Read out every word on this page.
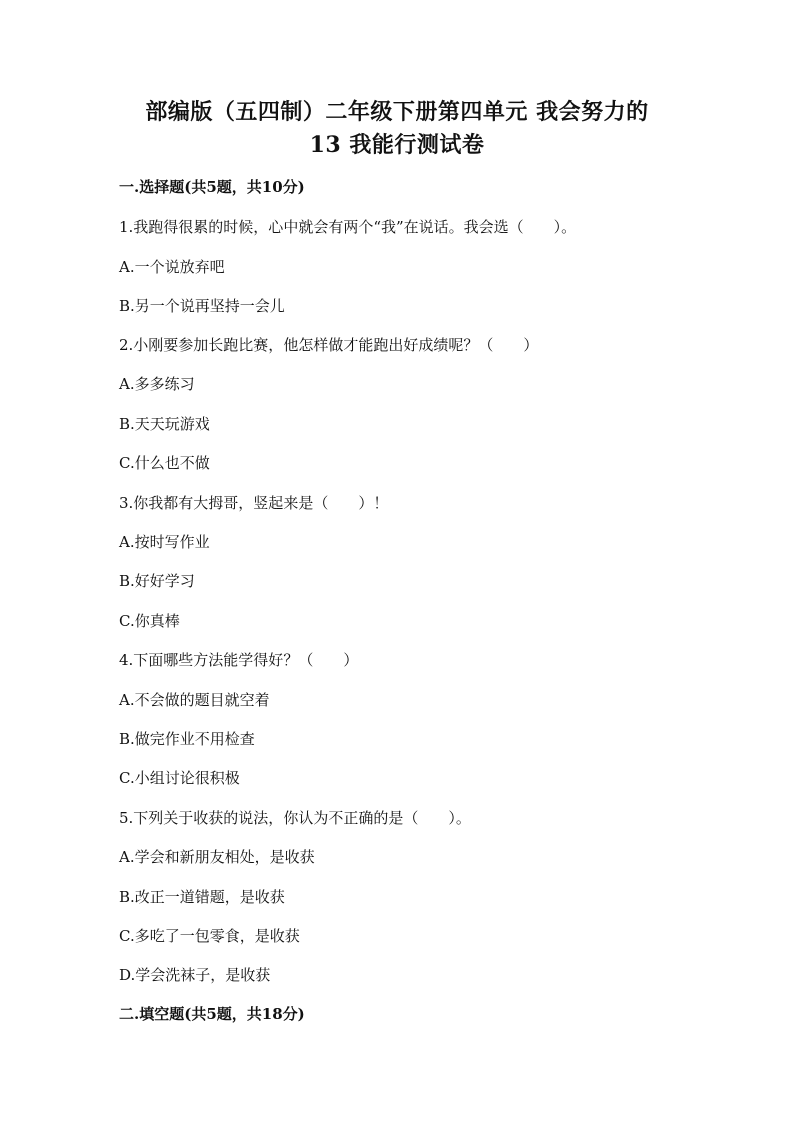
部编版（五四制）二年级下册第四单元 我会努力的
13 我能行测试卷
一.选择题(共5题，共10分)
1.我跑得很累的时候，心中就会有两个“我”在说话。我会选（　　）。
A.一个说放弃吧
B.另一个说再坚持一会儿
2.小刚要参加长跑比赛，他怎样做才能跑出好成绩呢？（　　）
A.多多练习
B.天天玩游戏
C.什么也不做
3.你我都有大拇哥，竖起来是（　　）！
A.按时写作业
B.好好学习
C.你真棒
4.下面哪些方法能学得好？（　　）
A.不会做的题目就空着
B.做完作业不用检查
C.小组讨论很积极
5.下列关于收获的说法，你认为不正确的是（　　）。
A.学会和新朋友相处，是收获
B.改正一道错题，是收获
C.多吃了一包零食，是收获
D.学会洗袜子，是收获
二.填空题(共5题，共18分)
